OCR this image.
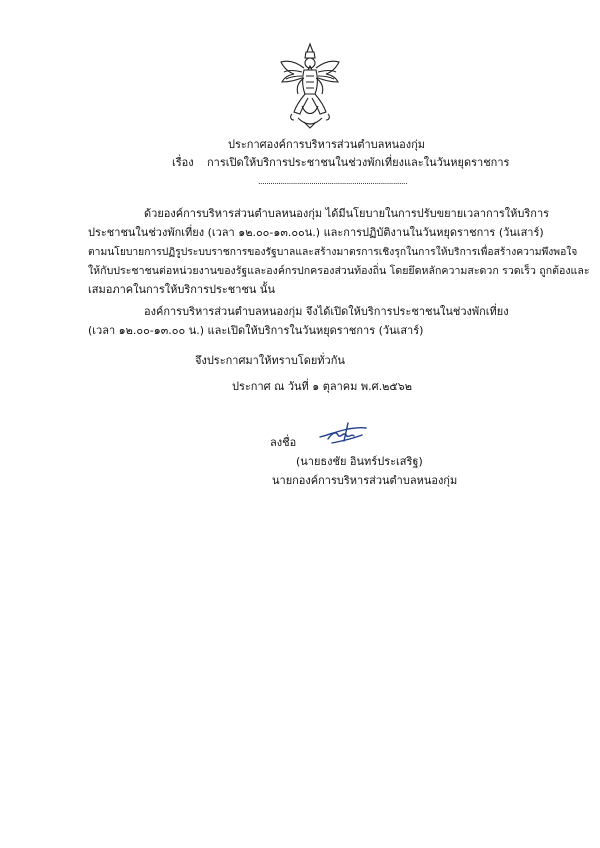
ประกาศองค์การบริหารส่วนตำบลหนองกุ่ม
เรื่อง การเปิดให้บริการประชาชนในช่วงพักเที่ยงและในวันหยุดราชการ
.........................................................................
ด้วยองค์การบริหารส่วนตำบลหนองกุ่ม ได้มีนโยบายในการปรับขยายเวลาการให้บริการ
ประชาชนในช่วงพักเที่ยง (เวลา ๑๒.๐๐-๑๓.๐๐น.) และการปฏิบัติงานในวันหยุดราชการ (วันเสาร์)
ตามนโยบายการปฏิรูประบบราชการของรัฐบาลและสร้างมาตรการเชิงรุกในการให้บริการเพื่อสร้างความพึงพอใจ
ให้กับประชาชนต่อหน่วยงานของรัฐและองค์กรปกครองส่วนท้องถิ่น โดยยึดหลักความสะดวก รวดเร็ว ถูกต้องและ
เสมอภาคในการให้บริการประชาชน นั้น
องค์การบริหารส่วนตำบลหนองกุ่ม จึงได้เปิดให้บริการประชาชนในช่วงพักเที่ยง
(เวลา ๑๒.๐๐-๑๓.๐๐ น.) และเปิดให้บริการในวันหยุดราชการ (วันเสาร์)
จึงประกาศมาให้ทราบโดยทั่วกัน
ประกาศ ณ วันที่ ๑ ตุลาคม พ.ศ.๒๕๖๒
ลงชื่อ
(นายธงชัย อินทร์ประเสริฐ)
นายกองค์การบริหารส่วนตำบลหนองกุ่ม
